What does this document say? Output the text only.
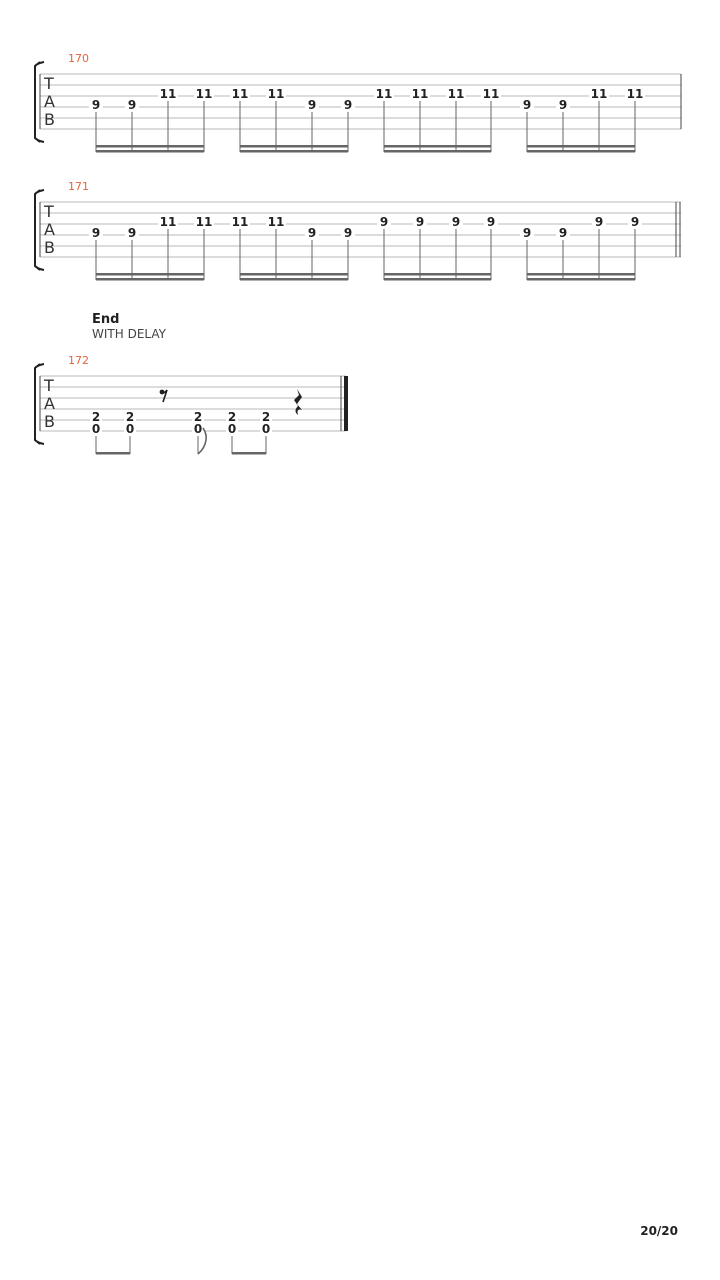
170
T
A
B
9 9
11 11 11 11
9 9
11 11 11 11
9 9
11 11
171
T
A
B
9 9
11 11 11 11
9 9
9 9 9 9
9 9
9 9
End
WITH DELAY
172
T
A
B	2
0
2
0
2
0
2
0
2
0
20/20
